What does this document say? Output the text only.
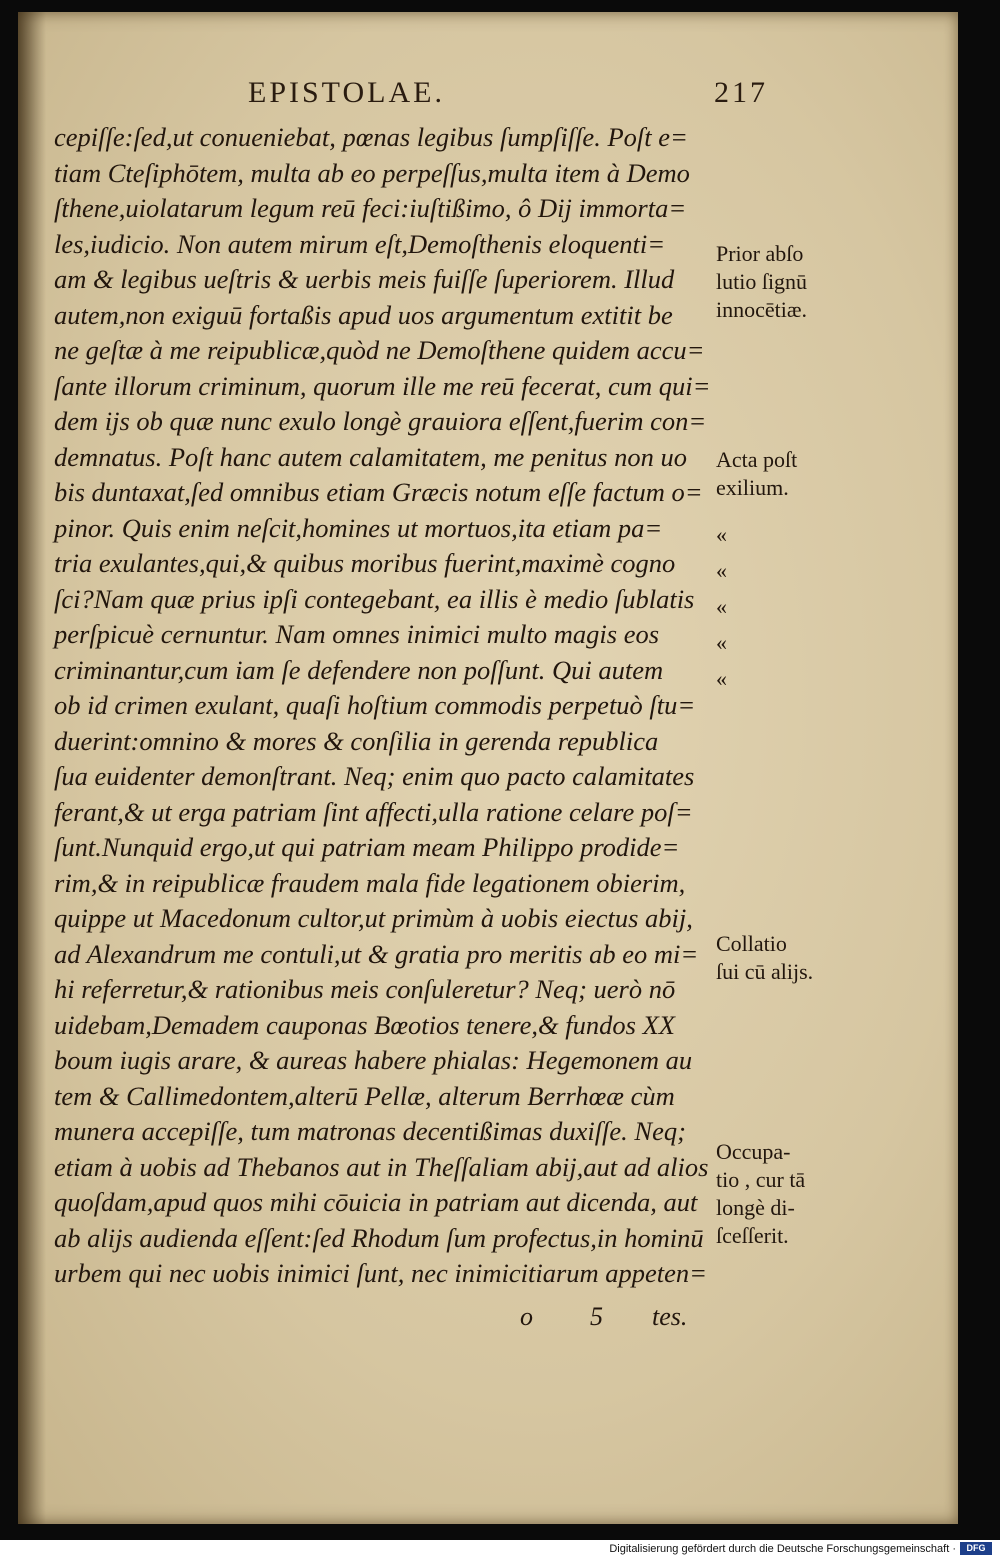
EPISTOLAE.	217
cepiſſe:ſed,ut conueniebat, pœnas legibus ſumpſiſſe. Poſt e=
tiam Cteſiphōtem, multa ab eo perpeſſus,multa item à Demo
ſthene,uiolatarum legum reū feci:iuſtißimo, ô Dij immorta=
les,iudicio. Non autem mirum eſt,Demoſthenis eloquenti=
am & legibus ueſtris & uerbis meis fuiſſe ſuperiorem. Illud
autem,non exiguū fortaßis apud uos argumentum extitit be
ne geſtæ à me reipublicæ,quòd ne Demoſthene quidem accu=
ſante illorum criminum, quorum ille me reū fecerat, cum qui=
dem ijs ob quæ nunc exulo longè grauiora eſſent,fuerim con=
demnatus. Poſt hanc autem calamitatem, me penitus non uo
bis duntaxat,ſed omnibus etiam Græcis notum eſſe factum o=
pinor. Quis enim neſcit,homines ut mortuos,ita etiam pa=
tria exulantes,qui,& quibus moribus fuerint,maximè cogno
ſci?Nam quæ prius ipſi contegebant, ea illis è medio ſublatis
perſpicuè cernuntur. Nam omnes inimici multo magis eos
criminantur,cum iam ſe defendere non poſſunt. Qui autem
ob id crimen exulant, quaſi hoſtium commodis perpetuò ſtu=
duerint:omnino & mores & conſilia in gerenda republica
ſua euidenter demonſtrant. Neq; enim quo pacto calamitates
ferant,& ut erga patriam ſint affecti,ulla ratione celare poſ=
ſunt.Nunquid ergo,ut qui patriam meam Philippo prodide=
rim,& in reipublicæ fraudem mala fide legationem obierim,
quippe ut Macedonum cultor,ut primùm à uobis eiectus abij,
ad Alexandrum me contuli,ut & gratia pro meritis ab eo mi=
hi referretur,& rationibus meis conſuleretur? Neq; uerò nō
uidebam,Demadem cauponas Bœotios tenere,& fundos XX
boum iugis arare, & aureas habere phialas: Hegemonem au
tem & Callimedontem,alterū Pellæ, alterum Berrhœæ cùm
munera accepiſſe, tum matronas decentißimas duxiſſe. Neq;
etiam à uobis ad Thebanos aut in Theſſaliam abij,aut ad alios
quoſdam,apud quos mihi cōuicia in patriam aut dicenda, aut
ab alijs audienda eſſent:ſed Rhodum ſum profectus,in hominū
urbem qui nec uobis inimici ſunt, nec inimicitiarum appeten=
Prior abſo
lutio ſignū
innocētiæ.
Acta poſt
exilium.
Collatio
ſui cū alijs.
Occupa-
tio , cur tā
longè di-
ſceſſerit.
«
«
«
«
«
o 5 tes.
Digitalisierung gefördert durch die Deutsche Forschungsgemeinschaft ·	DFG
